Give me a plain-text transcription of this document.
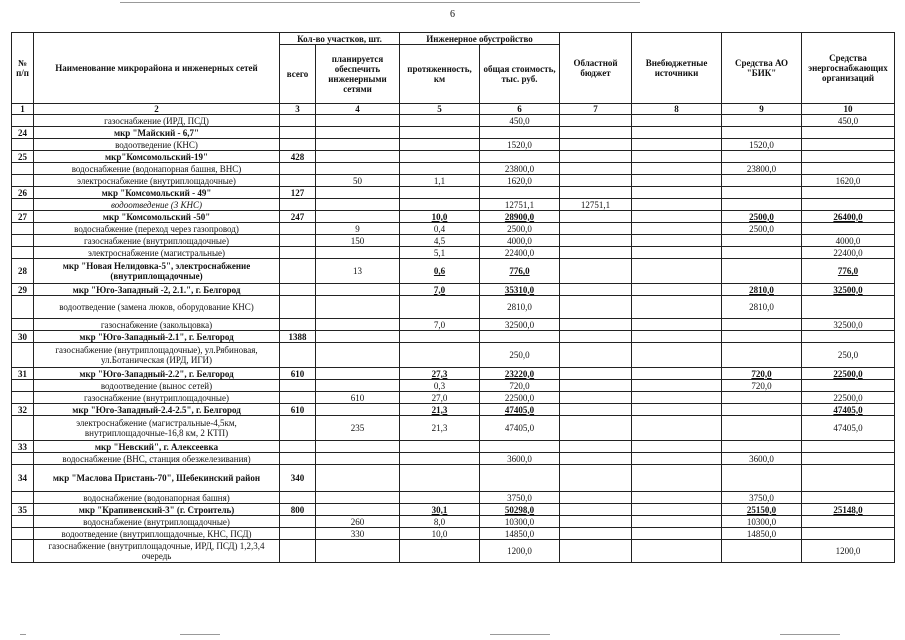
6
№ п/п	Наименование микрорайона и инженерных сетей	Кол-во участков, шт.		Инженерное обустройство		Областной бюджет	Внебюджетные источники	Средства АО "БИК"	Средства энергоснабжающих организаций
		всего	планируется обеспечить инженерными сетями	протяженность, км	общая стоимость, тыс. руб.				
1	2	3	4	5	6	7	8	9	10
	газоснабжение (ИРД, ПСД)				450,0				450,0
24	мкр "Майский - 6,7"								
	водоотведение (КНС)				1520,0			1520,0	
25	мкр"Комсомольский-19"	428							
	водоснабжение (водонапорная башня, ВНС)				23800,0			23800,0	
	электроснабжение (внутриплощадочные)		50	1,1	1620,0				1620,0
26	мкр "Комсомольский - 49"	127							
	водоотведение (3 КНС)				12751,1	12751,1			
27	мкр "Комсомольский -50"	247		10,0	28900,0			2500,0	26400,0
	водоснабжение (переход через газопровод)		9	0,4	2500,0			2500,0	
	газоснабжение (внутриплощадочные)		150	4,5	4000,0				4000,0
	электроснабжение (магистральные)			5,1	22400,0				22400,0
28	мкр "Новая Нелидовка-5", электроснабжение (внутриплощадочные)		13	0,6	776,0				776,0
29	мкр "Юго-Западный -2, 2.1.", г. Белгород			7,0	35310,0			2810,0	32500,0
	водоотведение (замена люков, оборудование КНС)				2810,0			2810,0	
	газоснабжение (закольцовка)			7,0	32500,0				32500,0
30	мкр "Юго-Западный-2.1", г. Белгород	1388							
	газоснабжение (внутриплощадочные), ул.Рябиновая, ул.Ботаническая (ИРД, ИГИ)				250,0				250,0
31	мкр "Юго-Западный-2.2", г. Белгород	610		27,3	23220,0			720,0	22500,0
	водоотведение (вынос сетей)			0,3	720,0			720,0	
	газоснабжение (внутриплощадочные)		610	27,0	22500,0				22500,0
32	мкр "Юго-Западный-2.4-2.5", г. Белгород	610		21,3	47405,0				47405,0
	электроснабжение (магистральные-4,5км, внутриплощадочные-16,8 км, 2 КТП)		235	21,3	47405,0				47405,0
33	мкр "Невский", г. Алексеевка								
	водоснабжение (ВНС, станция обезжелезивания)				3600,0			3600,0	
34	мкр "Маслова Пристань-70", Шебекинский район	340							
	водоснабжение (водонапорная башня)				3750,0			3750,0	
35	мкр "Крапивенский-3" (г. Строитель)	800		30,1	50298,0			25150,0	25148,0
	водоснабжение (внутриплощадочные)		260	8,0	10300,0			10300,0	
	водоотведение (внутриплощадочные, КНС, ПСД)		330	10,0	14850,0			14850,0	
	газоснабжение (внутриплощадочные, ИРД, ПСД) 1,2,3,4 очередь				1200,0				1200,0
